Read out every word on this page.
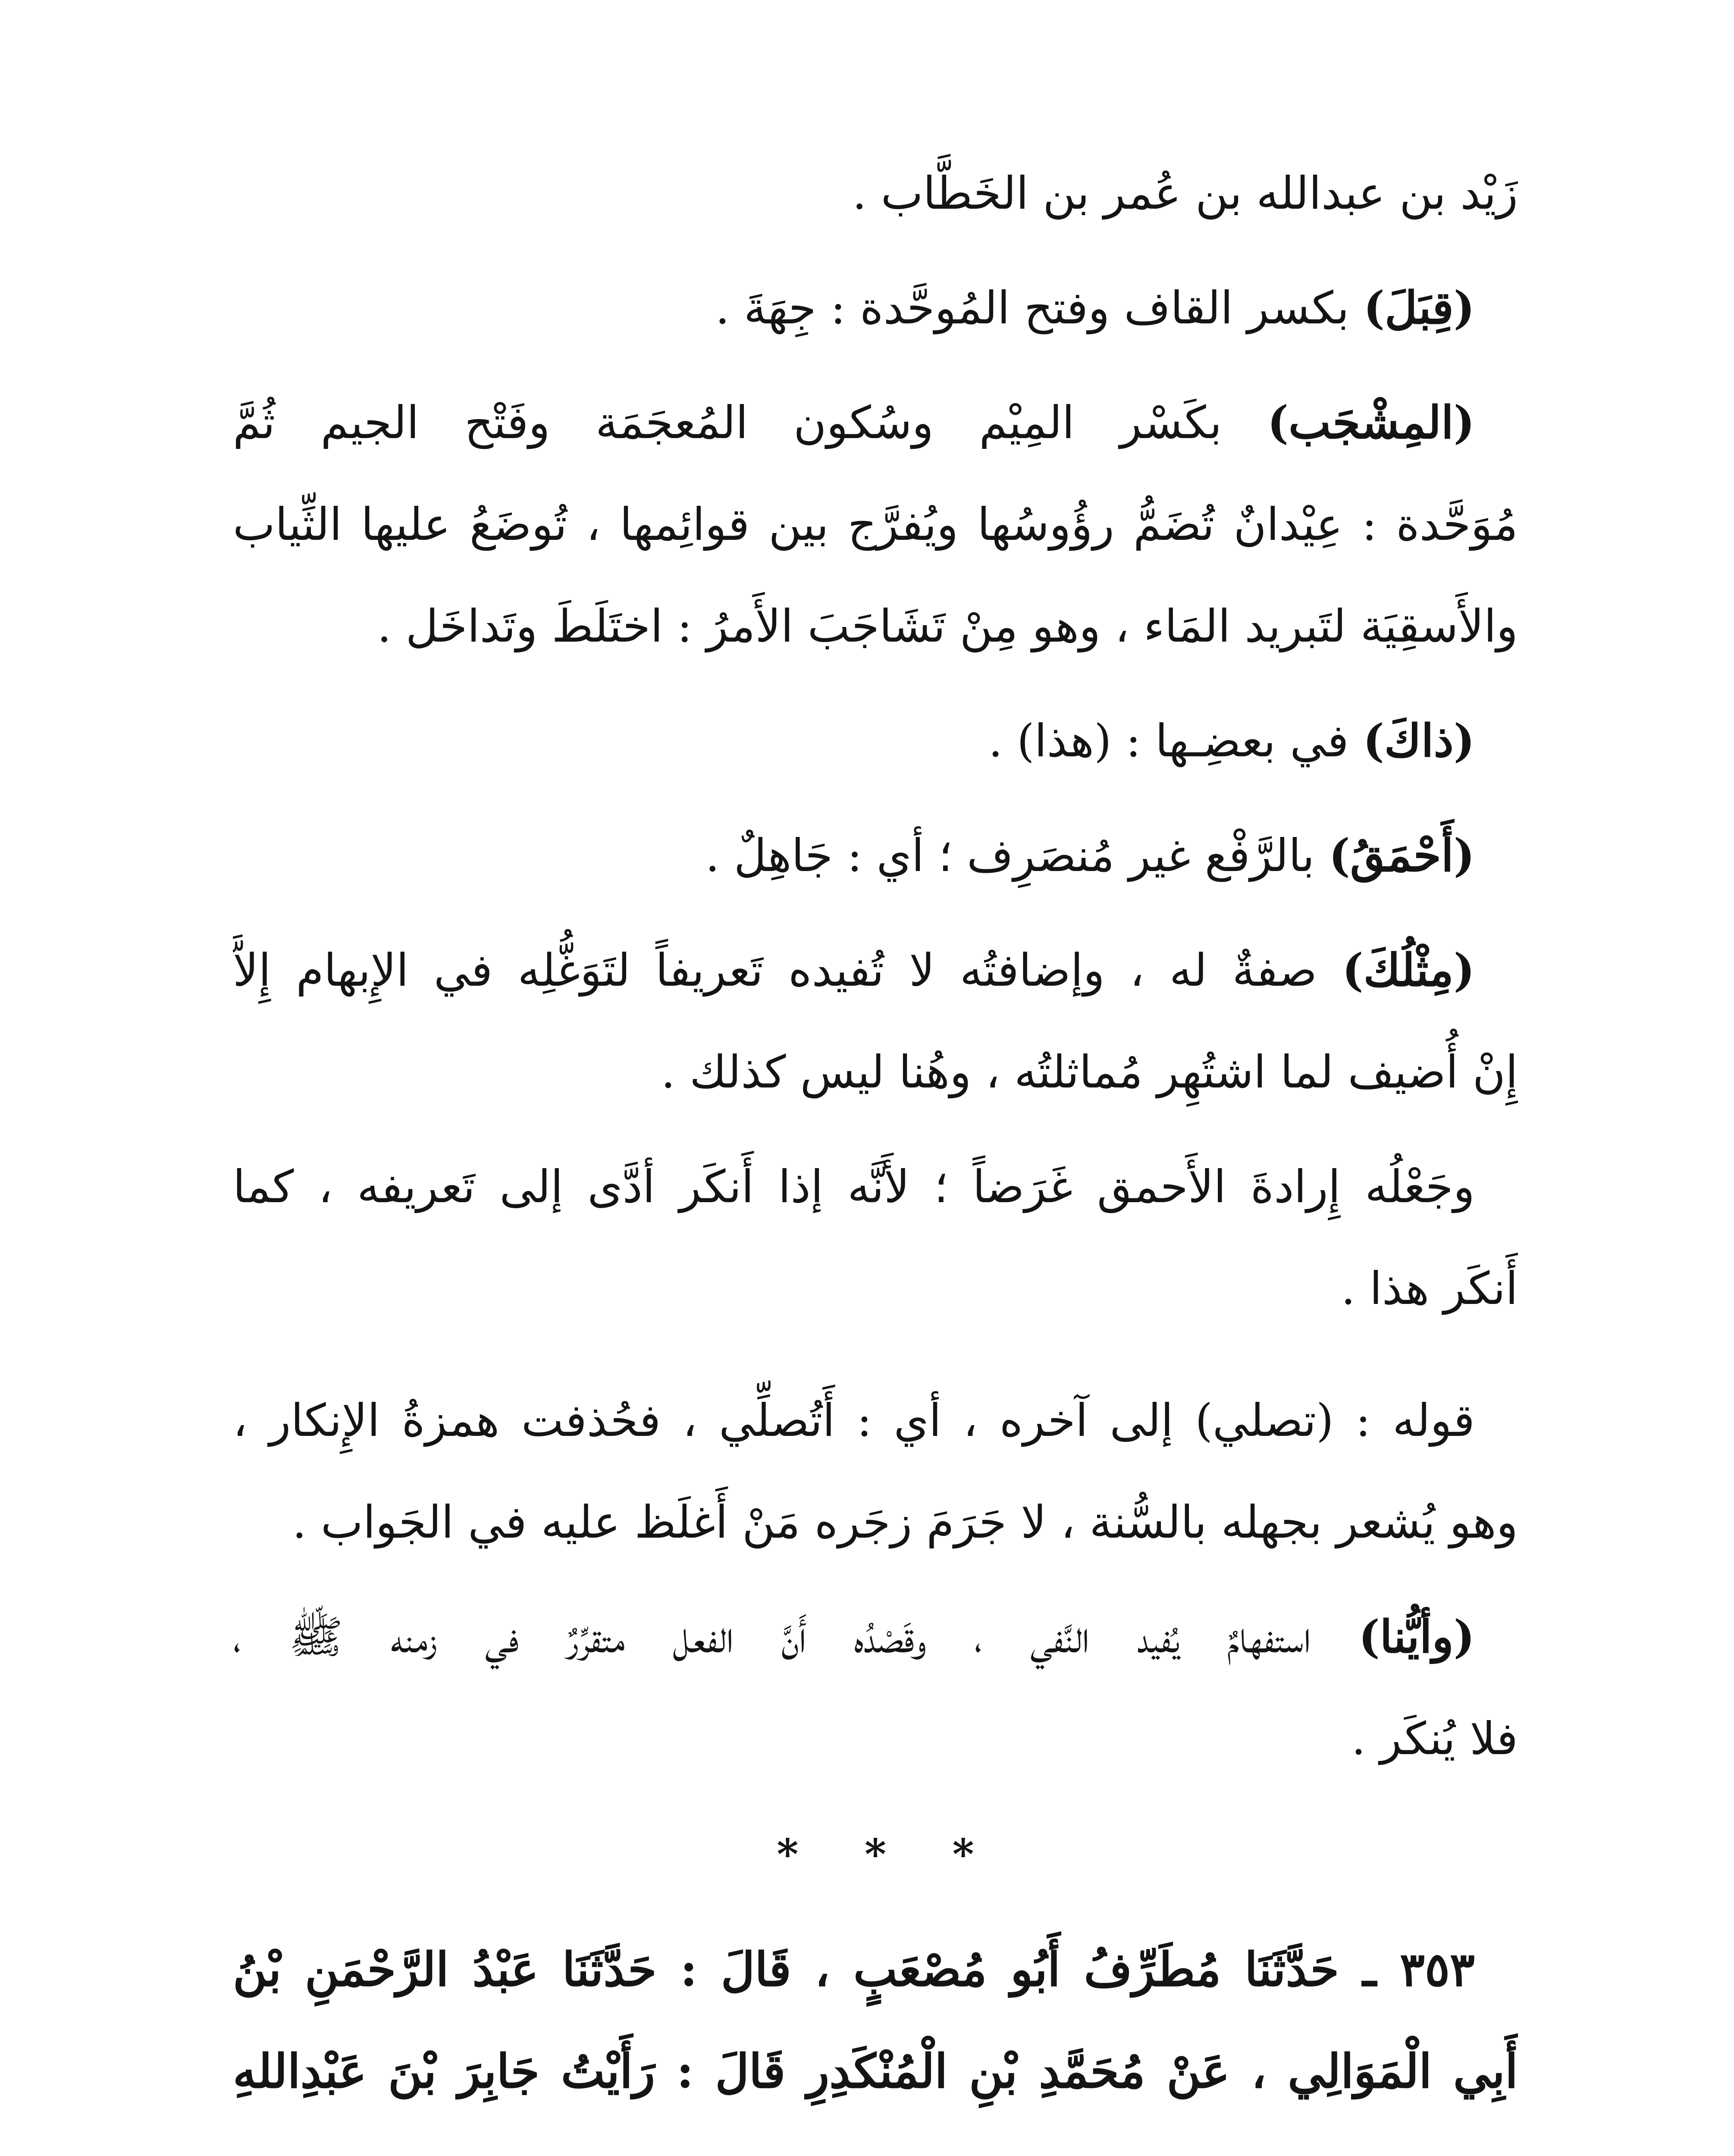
زَيْد بن عبدالله بن عُمر بن الخَطَّاب .
(قِبَلَ) بكسر القاف وفتح المُوحَّدة : جِهَةَ .
(المِشْجَب) بكَسْر المِيْم وسُكون المُعجَمَة وفَتْح الجيم ثُمَّ
مُوَحَّدة : عِيْدانٌ تُضَمُّ رؤُوسُها ويُفرَّج بين قوائِمها ، تُوضَعُ عليها الثِّياب
والأَسقِيَة لتَبريد المَاء ، وهو مِنْ تَشَاجَبَ الأَمرُ : اختَلَطَ وتَداخَل .
(ذاكَ) في بعضِـها : (هذا) .
(أَحْمَقُ) بالرَّفْع غير مُنصَرِف ؛ أي : جَاهِلٌ .
(مِثْلُكَ) صفةٌ له ، وإضافتُه لا تُفيده تَعريفاً لتَوَغُّلِه في الإِبهام إِلاَّ
إِنْ أُضيف لما اشتُهِر مُماثلتُه ، وهُنا ليس كذلك .
وجَعْلُه إِرادةَ الأَحمق غَرَضاً ؛ لأَنَّه إذا أَنكَر أدَّى إلى تَعريفه ، كما
أَنكَر هذا .
قوله : (تصلي) إلى آخره ، أي : أَتُصلِّي ، فحُذفت همزةُ الإِنكار ،
وهو يُشعر بجهله بالسُّنة ، لا جَرَمَ زجَره مَنْ أَغلَظ عليه في الجَواب .
(وأيُّنا) استفهامٌ يُفيد النَّفي ، وقَصْدُه أَنَّ الفعل متقرِّرٌ في زمنه ﷺ ،
فلا يُنكَر .
* * *
٣٥٣ ـ حَدَّثَنَا مُطَرِّفُ أَبُو مُصْعَبٍ ، قَالَ : حَدَّثَنَا عَبْدُ الرَّحْمَنِ بْنُ
أَبِي الْمَوَالِي ، عَنْ مُحَمَّدِ بْنِ الْمُنْكَدِرِ قَالَ : رَأَيْتُ جَابِرَ بْنَ عَبْدِاللهِ
